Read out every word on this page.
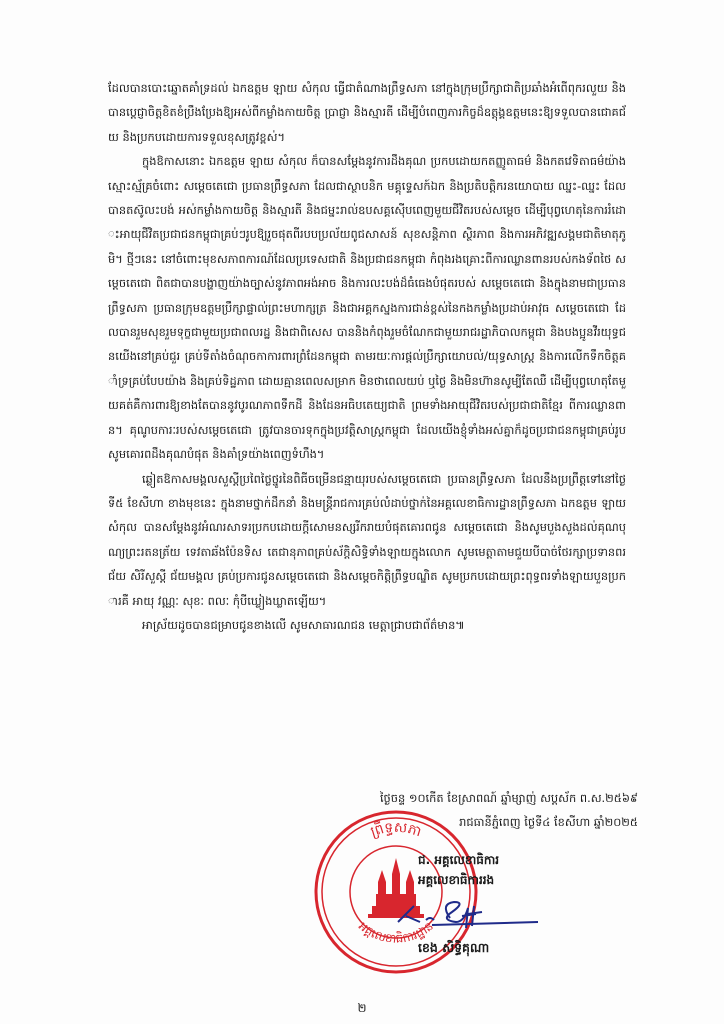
ដែលបានបោះឆ្នោតគាំទ្រដល់ ឯកឧត្តម ឡាយ សំកុល ធ្វើជាតំណាងព្រឹទ្ធសភា នៅក្នុងក្រុមប្រឹក្សាជាតិប្រឆាំងអំពើពុករលួយ និងបានប្ដេជ្ញាចិត្តខិតខំប្រឹងប្រែងឱ្យអស់ពីកម្លាំងកាយចិត្ត ប្រាជ្ញា និងស្មារតី ដើម្បីបំពេញភារកិច្ចដ៏ឧត្តុង្គឧត្តមនេះឱ្យទទួលបានជោគជ័យ និងប្រកបដោយការទទួលខុសត្រូវខ្ពស់។

ក្នុងឱកាសនោះ ឯកឧត្តម ឡាយ សំកុល ក៏បានសម្ដែងនូវការដឹងគុណ ប្រកបដោយកតញ្ញូតាធម៌ និងកតវេទិតាធម៌យ៉ាងស្មោះស្ម័គ្រចំពោះ សម្ដេចតេជោ ប្រធានព្រឹទ្ធសភា ដែលជាស្ថាបនិក មគ្គុទ្ទេសក៍ឯក និងប្រតិបត្តិករនយោបាយ ឈ្នះ-ឈ្នះ ដែលបានតស៊ូលះបង់ អស់កម្លាំងកាយចិត្ត និងស្មារតី និងជម្នះរាល់ឧបសគ្គស៊ើបពេញមួយជីវិតរបស់សម្ដេច ដើម្បីបុព្វហេតុនៃការរំដោះអាយុជីវិតប្រជាជនកម្ពុជាគ្រប់ៗរូបឱ្យរួចផុតពីរបបប្រល័យពូជសាសន៍ សុខសន្តិភាព ស្ថិរភាព និងការអភិវឌ្ឍសង្គមជាតិមាតុភូមិ។ ថ្មីៗនេះ នៅចំពោះមុខសភាពការណ៍ដែលប្រទេសជាតិ និងប្រជាជនកម្ពុជា កំពុងរងគ្រោះពីការឈ្លានពានរបស់កងទ័ពថៃ សម្ដេចតេជោ ពិតជាបានបង្ហាញយ៉ាងច្បាស់នូវភាពអង់អាច និងការលះបង់ដ៏ធំធេងបំផុតរបស់ សម្ដេចតេជោ និងក្នុងនាមជាប្រធានព្រឹទ្ធសភា ប្រធានក្រុមឧត្តមប្រឹក្សាផ្ទាល់ព្រះមហាក្សត្រ និងជាអគ្គកស្នងការជាន់ខ្ពស់នៃកងកម្លាំងប្រដាប់អាវុធ សម្ដេចតេជោ ដែលបានរួមសុខរួមទុក្ខជាមួយប្រជាពលរដ្ឋ និងជាពិសេស បាននិងកំពុងរួមចំណែកជាមួយរាជរដ្ឋាភិបាលកម្ពុជា និងបងប្អូនវីរយុទ្ធជនយើងនៅគ្រប់ជួរ គ្រប់ទីតាំងចំណុចកាការពារព្រំដែនកម្ពុជា តាមរយៈការផ្ដល់ប្រឹក្សាយោបល់/យុទ្ធសាស្ត្រ និងការលើកទឹកចិត្តគាំទ្រគ្រប់បែបយ៉ាង និងគ្រប់ទិដ្ឋភាព ដោយគ្មានពេលសម្រាក មិនថាពេលយប់ ឬថ្ងៃ និងមិនហ៊ានសូម្បីតែឈឺ ដើម្បីបុព្វហេតុតែមួយគត់គឺការពារឱ្យខាងតែបាននូវបូរណភាពទឹកដី និងដែនអធិបតេយ្យជាតិ ព្រមទាំងអាយុជីវិតរបស់ប្រជាជាតិខ្មែរ ពីការឈ្លានពាន។ គុណូបការៈរបស់សម្ដេចតេជោ ត្រូវបានចារទុកក្នុងប្រវត្តិសាស្ត្រកម្ពុជា ដែលយើងខ្ញុំទាំងអស់គ្នាក៏ដូចប្រជាជនកម្ពុជាគ្រប់រូប សូមគោរពដឹងគុណបំផុត និងគាំទ្រយ៉ាងពេញទំហឹង។

ឆ្លៀតឱកាសមង្គលសួស្ដីប្រពៃថ្លៃថ្នូរនៃពិធីចម្រើនជន្មាយុរបស់សម្ដេចតេជោ ប្រធានព្រឹទ្ធសភា ដែលនឹងប្រព្រឹត្តទៅនៅថ្ងៃទី៥ ខែសីហា ខាងមុខនេះ ក្នុងនាមថ្នាក់ដឹកនាំ និងមន្ត្រីរាជការគ្រប់លំដាប់ថ្នាក់នៃអគ្គលេខាធិការដ្ឋានព្រឹទ្ធសភា ឯកឧត្តម ឡាយ សំកុល បានសម្ដែងនូវអំណរសាទរប្រកបដោយក្ដីសោមនស្សរីករាយបំផុតគោរពជូន សម្ដេចតេជោ និងសូមបួងសួងដល់គុណបុណ្យព្រះរតនត្រ័យ ទេវតាឆ័ងប៉ែនទិស តេជានុភាពគ្រប់ស័ក្ដិសិទ្ធិទាំងឡាយក្នុងលោក សូមមេត្តាតាមជួយបីបាច់ថែរក្សាប្រទានពរជ័យ សិរីសួស្ដី ជ័យមង្គល គ្រប់ប្រការជូនសម្ដេចតេជោ និងសម្ដេចកិត្តិព្រឹទ្ធបណ្ឌិត សូមប្រកបដោយព្រះពុទ្ធពរទាំងឡាយបួនប្រការគឺ អាយុ វណ្ណៈ សុខៈ ពលៈ កុំបីឃ្លៀងឃ្លាតឡើយ។

អាស្រ័យដូចបានជម្រាបជូនខាងលើ សូមសាធារណជន មេត្តាជ្រាបជាព័ត៌មាន៕

ថ្ងៃចន្ទ ១០កើត ខែស្រាពណ៍ ឆ្នាំម្សាញ់ សប្តស័ក ព.ស.២៥៦៩
រាជធានីភ្នំពេញ ថ្ងៃទី៤ ខែសីហា ឆ្នាំ២០២៥
ព្រឹទ្ធសភា
អគ្គលេខាធិការដ្ឋាន
ជ. អគ្គលេខាធិការ
អគ្គលេខាធិការរង
ខេង សិទ្ធិគុណា
២
